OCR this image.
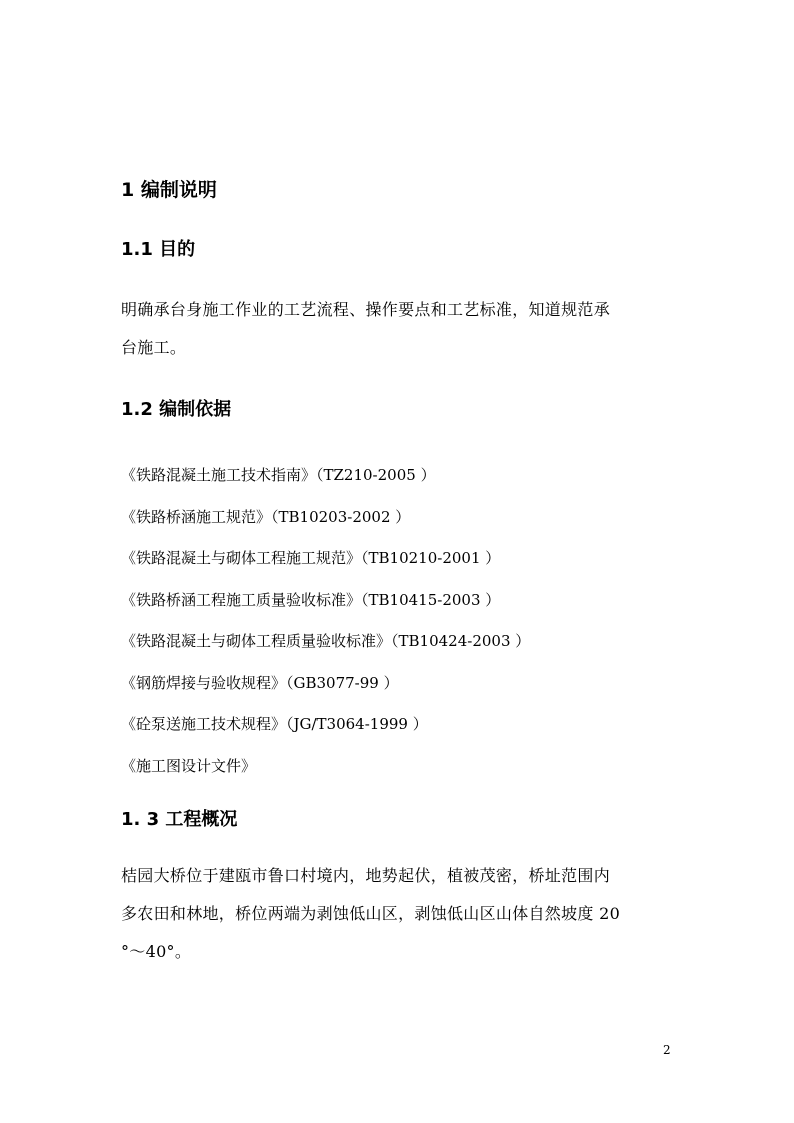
1 编制说明
1.1 目的

明确承台身施工作业的工艺流程、操作要点和工艺标准，知道规范承

台施工。

1.2 编制依据
《铁路混凝土施工技术指南》（TZ210-2005 ）
《铁路桥涵施工规范》（TB10203-2002 ）
《铁路混凝土与砌体工程施工规范》（TB10210-2001 ）
《铁路桥涵工程施工质量验收标准》（TB10415-2003 ）
《铁路混凝土与砌体工程质量验收标准》（TB10424-2003 ）
《钢筋焊接与验收规程》（GB3077-99 ）
《砼泵送施工技术规程》（JG/T3064-1999 ）
《施工图设计文件》
1. 3 工程概况

桔园大桥位于建瓯市鲁口村境内，地势起伏，植被茂密，桥址范围内

多农田和林地，桥位两端为剥蚀低山区，剥蚀低山区山体自然坡度 20

°～40°。

2
